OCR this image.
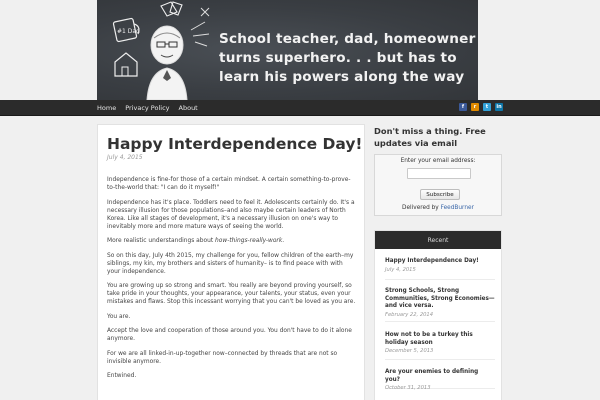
#1 Dad	School teacher, dad, homeowner turns superhero. . . but has to learn his powers along the way
Home Privacy Policy About	f	r	t	in
Happy Interdependence Day!
July 4, 2015

Independence is fine-for those of a certain mindset. A certain something-to-prove-to-the-world that: "I can do it myself!"

Independence has it's place. Toddlers need to feel it. Adolescents certainly do. It's a necessary illusion for those populations–and also maybe certain leaders of North Korea. Like all stages of development, it's a necessary illusion on one's way to inevitably more and more mature ways of seeing the world.

More realistic understandings about how-things-really-work.

So on this day, July 4th 2015, my challenge for you, fellow children of the earth–my siblings, my kin, my brothers and sisters of humanity– is to find peace with with your independence.

You are growing up so strong and smart. You really are beyond proving yourself, so take pride in your thoughts, your appearance, your talents, your status, even your mistakes and flaws. Stop this incessant worrying that you can't be loved as you are.

You are.

Accept the love and cooperation of those around you. You don't have to do it alone anymore.

For we are all linked-in-up-together now–connected by threads that are not so invisible anymore.

Entwined.

Don't miss a thing. Free updates via email
Enter your email address:
Subscribe
Delivered by FeedBurner
Recent
Happy Interdependence Day!
July 4, 2015
Strong Schools, Strong Communities, Strong Economies—and vice versa.
February 22, 2014
How not to be a turkey this holiday season
December 5, 2013
Are your enemies to defining you?
October 31, 2013
